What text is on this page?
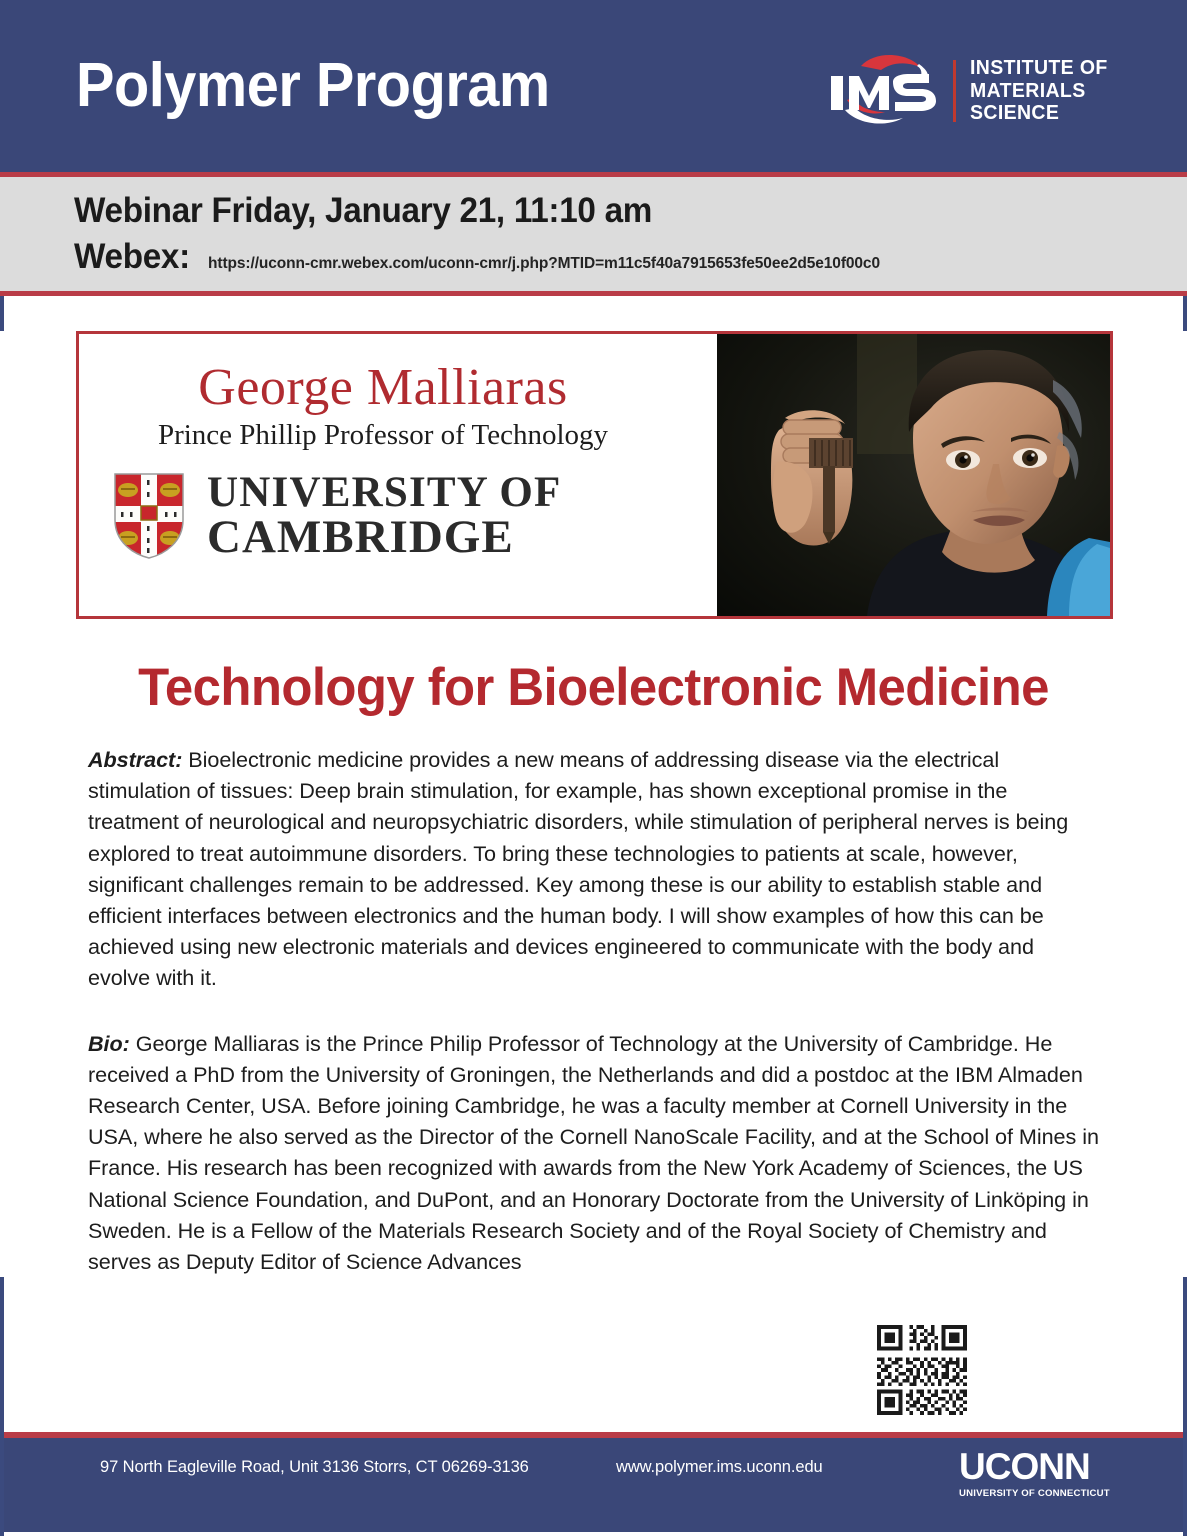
Polymer Program	INSTITUTE OF
MATERIALS
SCIENCE
Webinar Friday, January 21, 11:10 am
Webex: https://uconn-cmr.webex.com/uconn-cmr/j.php?MTID=m11c5f40a7915653fe50ee2d5e10f00c0
George Malliaras
Prince Phillip Professor of Technology
UNIVERSITY OF
CAMBRIDGE
Technology for Bioelectronic Medicine
Abstract: Bioelectronic medicine provides a new means of addressing disease via the electrical stimulation of tissues: Deep brain stimulation, for example, has shown exceptional promise in the treatment of neurological and neuropsychiatric disorders, while stimulation of peripheral nerves is being explored to treat autoimmune disorders. To bring these technologies to patients at scale, however, significant challenges remain to be addressed. Key among these is our ability to establish stable and efficient interfaces between electronics and the human body. I will show examples of how this can be achieved using new electronic materials and devices engineered to communicate with the body and evolve with it.
Bio: George Malliaras is the Prince Philip Professor of Technology at the University of Cambridge. He received a PhD from the University of Groningen, the Netherlands and did a postdoc at the IBM Almaden Research Center, USA. Before joining Cambridge, he was a faculty member at Cornell University in the USA, where he also served as the Director of the Cornell NanoScale Facility, and at the School of Mines in France. His research has been recognized with awards from the New York Academy of Sciences, the US National Science Foundation, and DuPont, and an Honorary Doctorate from the University of Linköping in Sweden. He is a Fellow of the Materials Research Society and of the Royal Society of Chemistry and serves as Deputy Editor of Science Advances
97 North Eagleville Road, Unit 3136 Storrs, CT 06269-3136	www.polymer.ims.uconn.edu	UCONN
UNIVERSITY OF CONNECTICUT
